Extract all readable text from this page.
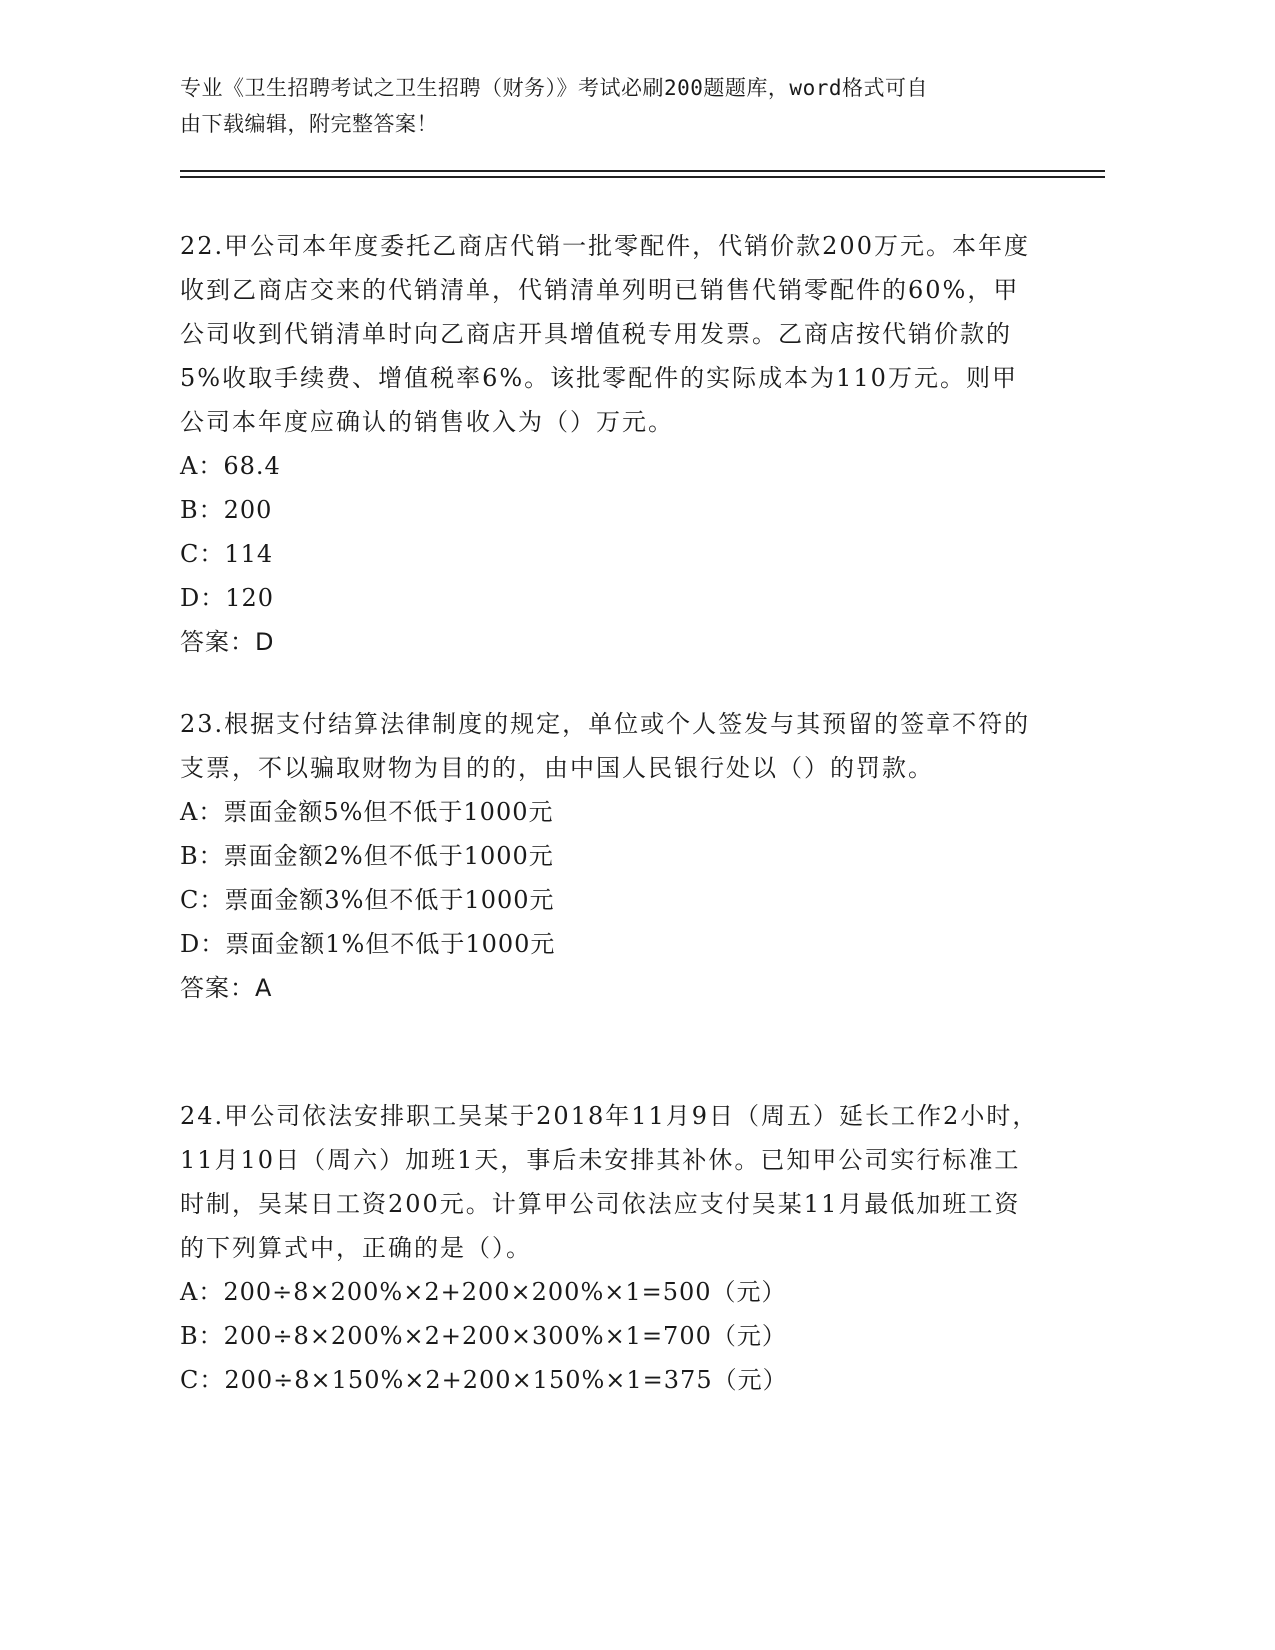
专业《卫生招聘考试之卫生招聘（财务）》考试必刷200题题库，word格式可自
由下载编辑，附完整答案！

22.甲公司本年度委托乙商店代销一批零配件，代销价款200万元。本年度收到乙商店交来的代销清单，代销清单列明已销售代销零配件的60%，甲公司收到代销清单时向乙商店开具增值税专用发票。乙商店按代销价款的5%收取手续费、增值税率6%。该批零配件的实际成本为110万元。则甲公司本年度应确认的销售收入为（）万元。

A：68.4

B：200

C：114

D：120

答案：D

23.根据支付结算法律制度的规定，单位或个人签发与其预留的签章不符的支票，不以骗取财物为目的的，由中国人民银行处以（）的罚款。

A：票面金额5%但不低于1000元

B：票面金额2%但不低于1000元

C：票面金额3%但不低于1000元

D：票面金额1%但不低于1000元

答案：A

24.甲公司依法安排职工吴某于2018年11月9日（周五）延长工作2小时，11月10日（周六）加班1天，事后未安排其补休。已知甲公司实行标准工时制，吴某日工资200元。计算甲公司依法应支付吴某11月最低加班工资的下列算式中，正确的是（）。

A：200÷8×200%×2+200×200%×1=500（元）

B：200÷8×200%×2+200×300%×1=700（元）

C：200÷8×150%×2+200×150%×1=375（元）
